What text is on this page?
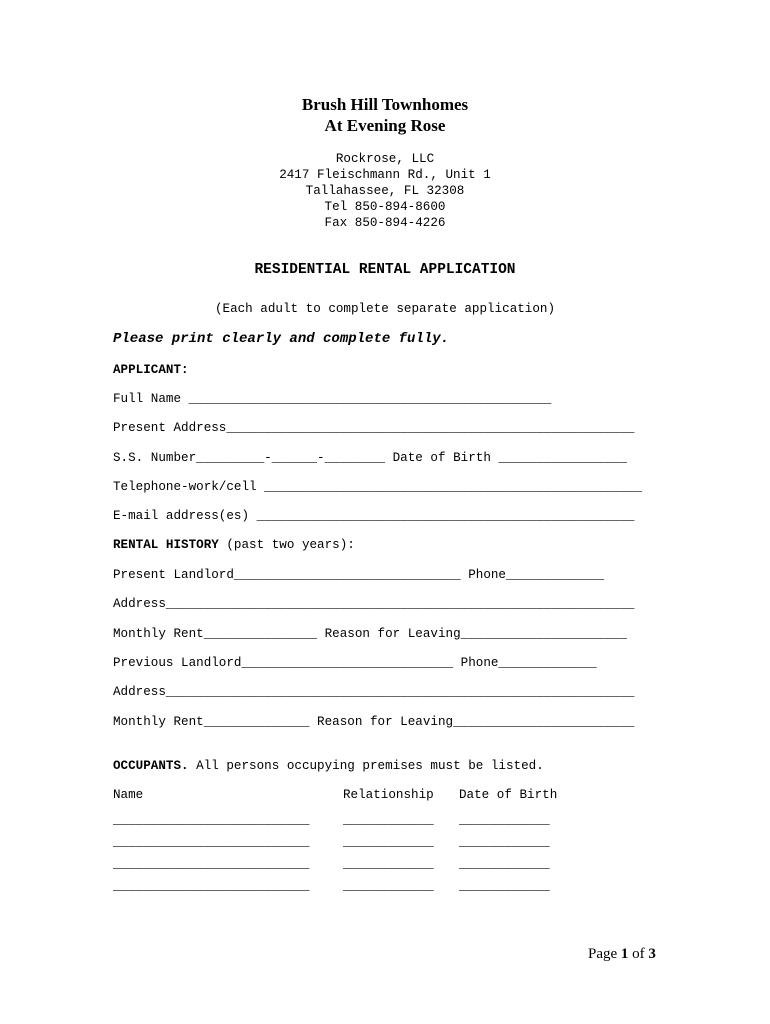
Brush Hill Townhomes
At Evening Rose
Rockrose, LLC
2417 Fleischmann Rd., Unit 1
Tallahassee, FL 32308
Tel 850-894-8600
Fax 850-894-4226
RESIDENTIAL RENTAL APPLICATION
(Each adult to complete separate application)
Please print clearly and complete fully.
APPLICANT:
Full Name ________________________________________________
Present Address______________________________________________________
S.S. Number_________-______-________ Date of Birth _________________
Telephone-work/cell __________________________________________________
E-mail address(es) __________________________________________________
RENTAL HISTORY (past two years):
Present Landlord______________________________ Phone_____________
Address______________________________________________________________
Monthly Rent_______________ Reason for Leaving______________________
Previous Landlord____________________________ Phone_____________
Address______________________________________________________________
Monthly Rent______________ Reason for Leaving________________________
OCCUPANTS. All persons occupying premises must be listed.
Name	Relationship Date of Birth
__________________________	____________ ____________
__________________________	____________ ____________
__________________________	____________ ____________
__________________________	____________ ____________
Page 1 of 3
